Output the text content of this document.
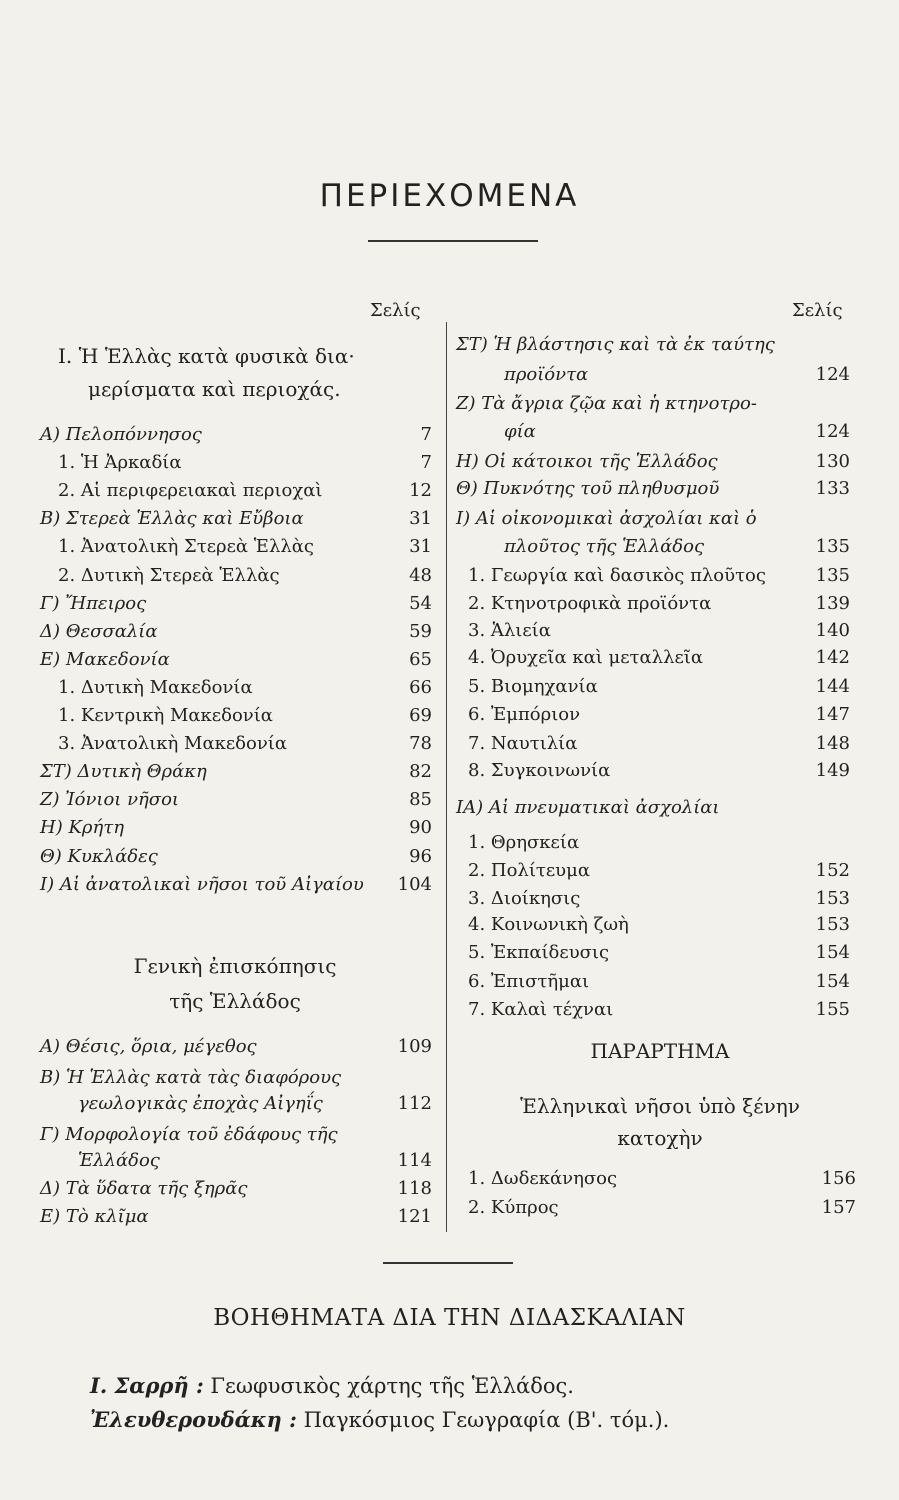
ΠΕΡΙΕΧΟΜΕΝΑ
Σελίς
I. Ἡ Ἑλλὰς κατὰ φυσικὰ δια·
μερίσματα καὶ περιοχάς.
Α) Πελοπόννησος	7
1. Ἡ Ἀρκαδία	7
2. Αἱ περιφερειακαὶ περιοχαὶ	12
Β) Στερεὰ Ἑλλὰς καὶ Εὔβοια	31
1. Ἀνατολικὴ Στερεὰ Ἑλλὰς	31
2. Δυτικὴ Στερεὰ Ἑλλὰς	48
Γ) Ἤπειρος	54
Δ) Θεσσαλία	59
Ε) Μακεδονία	65
1. Δυτικὴ Μακεδονία	66
1. Κεντρικὴ Μακεδονία	69
3. Ἀνατολικὴ Μακεδονία	78
ΣΤ) Δυτικὴ Θράκη	82
Ζ) Ἰόνιοι νῆσοι	85
Η) Κρήτη	90
Θ) Κυκλάδες	96
Ι) Αἱ ἀνατολικαὶ νῆσοι τοῦ Αἰγαίου 104
Γενικὴ ἐπισκόπησις
τῆς Ἑλλάδος
Α) Θέσις, ὅρια, μέγεθος	109
Β) Ἡ Ἑλλὰς κατὰ τὰς διαφόρους
γεωλογικὰς ἐποχὰς Αἰγηΐς	112
Γ) Μορφολογία τοῦ ἐδάφους τῆς
Ἑλλάδος	114
Δ) Τὰ ὕδατα τῆς ξηρᾶς	118
Ε) Τὸ κλῖμα	121
Σελίς
ΣΤ) Ἡ βλάστησις καὶ τὰ ἐκ ταύτης
προϊόντα	124
Ζ) Τὰ ἄγρια ζῷα καὶ ἡ κτηνοτρο-
φία	124
Η) Οἱ κάτοικοι τῆς Ἑλλάδος	130
Θ) Πυκνότης τοῦ πληθυσμοῦ	133
Ι) Αἱ οἰκονομικαὶ ἀσχολίαι καὶ ὁ
πλοῦτος τῆς Ἑλλάδος	135
1. Γεωργία καὶ δασικὸς πλοῦτος	135
2. Κτηνοτροφικὰ προϊόντα	139
3. Ἁλιεία	140
4. Ὀρυχεῖα καὶ μεταλλεῖα	142
5. Βιομηχανία	144
6. Ἐμπόριον	147
7. Ναυτιλία	148
8. Συγκοινωνία	149
ΙΑ) Αἱ πνευματικαὶ ἀσχολίαι
1. Θρησκεία
2. Πολίτευμα	152
3. Διοίκησις	153
4. Κοινωνικὴ ζωὴ	153
5. Ἐκπαίδευσις	154
6. Ἐπιστῆμαι	154
7. Καλαὶ τέχναι	155
ΠΑΡΑΡΤΗΜΑ
Ἑλληνικαὶ νῆσοι ὑπὸ ξένην
κατοχὴν
1. Δωδεκάνησος	156
2. Κύπρος	157
ΒΟΗΘΗΜΑΤΑ ΔΙΑ ΤΗΝ ΔΙΔΑΣΚΑΛΙΑΝ
Ι. Σαρρῆ : Γεωφυσικὸς χάρτης τῆς Ἑλλάδος.
Ἐλευθερουδάκη : Παγκόσμιος Γεωγραφία (Β'. τόμ.).
